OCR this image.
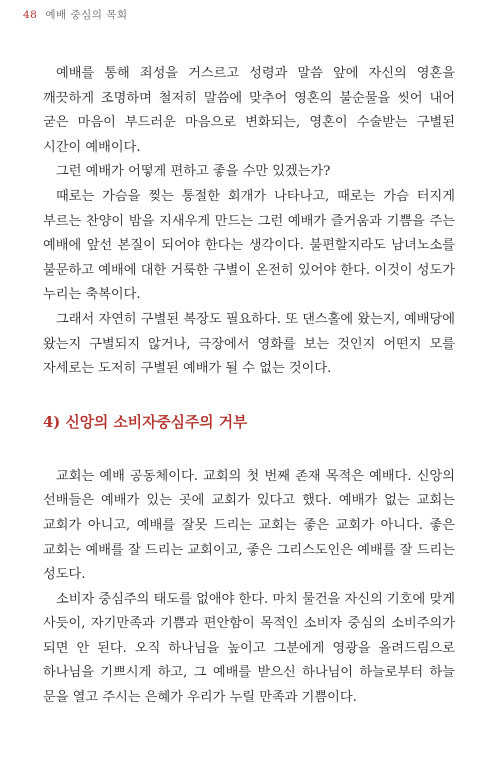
48 예배 중심의 목회

예배를 통해 죄성을 거스르고 성령과 말씀 앞에 자신의 영혼을 깨끗하게 조명하며 철저히 말씀에 맞추어 영혼의 불순물을 씻어 내어 굳은 마음이 부드러운 마음으로 변화되는, 영혼이 수술받는 구별된 시간이 예배이다.

그런 예배가 어떻게 편하고 좋을 수만 있겠는가?

때로는 가슴을 찢는 통절한 회개가 나타나고, 때로는 가슴 터지게 부르는 찬양이 밤을 지새우게 만드는 그런 예배가 즐거움과 기쁨을 주는 예배에 앞선 본질이 되어야 한다는 생각이다. 불편할지라도 남녀노소를 불문하고 예배에 대한 거룩한 구별이 온전히 있어야 한다. 이것이 성도가 누리는 축복이다.

그래서 자연히 구별된 복장도 필요하다. 또 댄스홀에 왔는지, 예배당에 왔는지 구별되지 않거나, 극장에서 영화를 보는 것인지 어떤지 모를 자세로는 도저히 구별된 예배가 될 수 없는 것이다.

4) 신앙의 소비자중심주의 거부

교회는 예배 공동체이다. 교회의 첫 번째 존재 목적은 예배다. 신앙의 선배들은 예배가 있는 곳에 교회가 있다고 했다. 예배가 없는 교회는 교회가 아니고, 예배를 잘못 드리는 교회는 좋은 교회가 아니다. 좋은 교회는 예배를 잘 드리는 교회이고, 좋은 그리스도인은 예배를 잘 드리는 성도다.

소비자 중심주의 태도를 없애야 한다. 마치 물건을 자신의 기호에 맞게 사듯이, 자기만족과 기쁨과 편안함이 목적인 소비자 중심의 소비주의가 되면 안 된다. 오직 하나님을 높이고 그분에게 영광을 올려드림으로 하나님을 기쁘시게 하고, 그 예배를 받으신 하나님이 하늘로부터 하늘 문을 열고 주시는 은혜가 우리가 누릴 만족과 기쁨이다.
